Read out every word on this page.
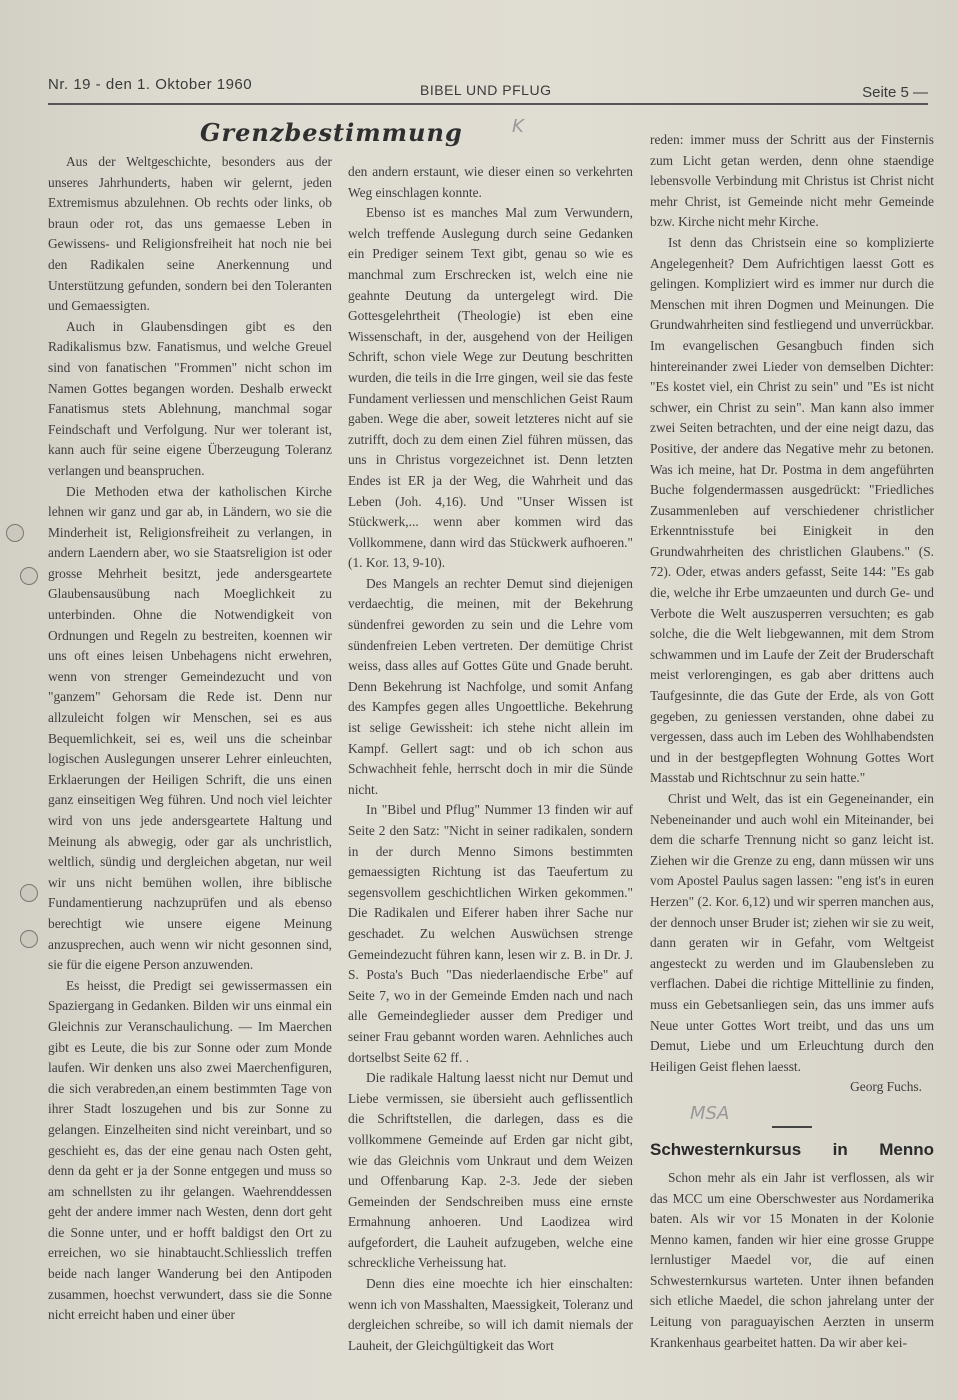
Nr. 19 - den 1. Oktober 1960	BIBEL UND PFLUG	Seite 5 —
Grenzbestimmung	K

Aus der Weltgeschichte, besonders aus der unseres Jahrhunderts, haben wir gelernt, jeden Extremismus abzulehnen. Ob rechts oder links, ob braun oder rot, das uns gemaesse Leben in Gewissens- und Religionsfreiheit hat noch nie bei den Radikalen seine Anerkennung und Unterstützung gefunden, sondern bei den Toleranten und Gemaessigten.

Auch in Glaubensdingen gibt es den Radikalismus bzw. Fanatismus, und welche Greuel sind von fanatischen "Frommen" nicht schon im Namen Gottes begangen worden. Deshalb erweckt Fanatismus stets Ablehnung, manchmal sogar Feindschaft und Verfolgung. Nur wer tolerant ist, kann auch für seine eigene Überzeugung Toleranz verlangen und beanspruchen.

Die Methoden etwa der katholischen Kirche lehnen wir ganz und gar ab, in Ländern, wo sie die Minderheit ist, Religionsfreiheit zu verlangen, in andern Laendern aber, wo sie Staatsreligion ist oder grosse Mehrheit besitzt, jede andersgeartete Glaubensausübung nach Moeglichkeit zu unterbinden. Ohne die Notwendigkeit von Ordnungen und Regeln zu bestreiten, koennen wir uns oft eines leisen Unbehagens nicht erwehren, wenn von strenger Gemeindezucht und von "ganzem" Gehorsam die Rede ist. Denn nur allzuleicht folgen wir Menschen, sei es aus Bequemlichkeit, sei es, weil uns die scheinbar logischen Auslegungen unserer Lehrer einleuchten, Erklaerungen der Heiligen Schrift, die uns einen ganz einseitigen Weg führen. Und noch viel leichter wird von uns jede andersgeartete Haltung und Meinung als abwegig, oder gar als unchristlich, weltlich, sündig und dergleichen abgetan, nur weil wir uns nicht bemühen wollen, ihre biblische Fundamentierung nachzuprüfen und als ebenso berechtigt wie unsere eigene Meinung anzusprechen, auch wenn wir nicht gesonnen sind, sie für die eigene Person anzuwenden.

Es heisst, die Predigt sei gewissermassen ein Spaziergang in Gedanken. Bilden wir uns einmal ein Gleichnis zur Veranschaulichung. — Im Maerchen gibt es Leute, die bis zur Sonne oder zum Monde laufen. Wir denken uns also zwei Maerchenfiguren, die sich verabreden,an einem bestimmten Tage von ihrer Stadt loszugehen und bis zur Sonne zu gelangen. Einzelheiten sind nicht vereinbart, und so geschieht es, das der eine genau nach Osten geht, denn da geht er ja der Sonne entgegen und muss so am schnellsten zu ihr gelangen. Waehrenddessen geht der andere immer nach Westen, denn dort geht die Sonne unter, und er hofft baldigst den Ort zu erreichen, wo sie hinabtaucht.Schliesslich treffen beide nach langer Wanderung bei den Antipoden zusammen, hoechst verwundert, dass sie die Sonne nicht erreicht haben und einer über

den andern erstaunt, wie dieser einen so verkehrten Weg einschlagen konnte.

Ebenso ist es manches Mal zum Verwundern, welch treffende Auslegung durch seine Gedanken ein Prediger seinem Text gibt, genau so wie es manchmal zum Erschrecken ist, welch eine nie geahnte Deutung da untergelegt wird. Die Gottesgelehrtheit (Theologie) ist eben eine Wissenschaft, in der, ausgehend von der Heiligen Schrift, schon viele Wege zur Deutung beschritten wurden, die teils in die Irre gingen, weil sie das feste Fundament verliessen und menschlichen Geist Raum gaben. Wege die aber, soweit letzteres nicht auf sie zutrifft, doch zu dem einen Ziel führen müssen, das uns in Christus vorgezeichnet ist. Denn letzten Endes ist ER ja der Weg, die Wahrheit und das Leben (Joh. 4,16). Und "Unser Wissen ist Stückwerk,... wenn aber kommen wird das Vollkommene, dann wird das Stückwerk aufhoeren." (1. Kor. 13, 9-10).

Des Mangels an rechter Demut sind diejenigen verdaechtig, die meinen, mit der Bekehrung sündenfrei geworden zu sein und die Lehre vom sündenfreien Leben vertreten. Der demütige Christ weiss, dass alles auf Gottes Güte und Gnade beruht. Denn Bekehrung ist Nachfolge, und somit Anfang des Kampfes gegen alles Ungoettliche. Bekehrung ist selige Gewissheit: ich stehe nicht allein im Kampf. Gellert sagt: und ob ich schon aus Schwachheit fehle, herrscht doch in mir die Sünde nicht.

In "Bibel und Pflug" Nummer 13 finden wir auf Seite 2 den Satz: "Nicht in seiner radikalen, sondern in der durch Menno Simons bestimmten gemaessigten Richtung ist das Taeufertum zu segensvollem geschichtlichen Wirken gekommen." Die Radikalen und Eiferer haben ihrer Sache nur geschadet. Zu welchen Auswüchsen strenge Gemeindezucht führen kann, lesen wir z. B. in Dr. J. S. Posta's Buch "Das niederlaendische Erbe" auf Seite 7, wo in der Gemeinde Emden nach und nach alle Gemeindeglieder ausser dem Prediger und seiner Frau gebannt worden waren. Aehnliches auch dortselbst Seite 62 ff. .

Die radikale Haltung laesst nicht nur Demut und Liebe vermissen, sie übersieht auch geflissentlich die Schriftstellen, die darlegen, dass es die vollkommene Gemeinde auf Erden gar nicht gibt, wie das Gleichnis vom Unkraut und dem Weizen und Offenbarung Kap. 2-3. Jede der sieben Gemeinden der Sendschreiben muss eine ernste Ermahnung anhoeren. Und Laodizea wird aufgefordert, die Lauheit aufzugeben, welche eine schreckliche Verheissung hat.

Denn dies eine moechte ich hier einschalten: wenn ich von Masshalten, Maessigkeit, Toleranz und dergleichen schreibe, so will ich damit niemals der Lauheit, der Gleichgültigkeit das Wort

reden: immer muss der Schritt aus der Finsternis zum Licht getan werden, denn ohne staendige lebensvolle Verbindung mit Christus ist Christ nicht mehr Christ, ist Gemeinde nicht mehr Gemeinde bzw. Kirche nicht mehr Kirche.

Ist denn das Christsein eine so komplizierte Angelegenheit? Dem Aufrichtigen laesst Gott es gelingen. Kompliziert wird es immer nur durch die Menschen mit ihren Dogmen und Meinungen. Die Grundwahrheiten sind festliegend und unverrückbar. Im evangelischen Gesangbuch finden sich hintereinander zwei Lieder von demselben Dichter: "Es kostet viel, ein Christ zu sein" und "Es ist nicht schwer, ein Christ zu sein". Man kann also immer zwei Seiten betrachten, und der eine neigt dazu, das Positive, der andere das Negative mehr zu betonen. Was ich meine, hat Dr. Postma in dem angeführten Buche folgendermassen ausgedrückt: "Friedliches Zusammenleben auf verschiedener christlicher Erkenntnisstufe bei Einigkeit in den Grundwahrheiten des christlichen Glaubens." (S. 72). Oder, etwas anders gefasst, Seite 144: "Es gab die, welche ihr Erbe umzaeunten und durch Ge- und Verbote die Welt auszusperren versuchten; es gab solche, die die Welt liebgewannen, mit dem Strom schwammen und im Laufe der Zeit der Bruderschaft meist verlorengingen, es gab aber drittens auch Taufgesinnte, die das Gute der Erde, als von Gott gegeben, zu geniessen verstanden, ohne dabei zu vergessen, dass auch im Leben des Wohlhabendsten und in der bestgepflegten Wohnung Gottes Wort Masstab und Richtschnur zu sein hatte."

Christ und Welt, das ist ein Gegeneinander, ein Nebeneinander und auch wohl ein Miteinander, bei dem die scharfe Trennung nicht so ganz leicht ist. Ziehen wir die Grenze zu eng, dann müssen wir uns vom Apostel Paulus sagen lassen: "eng ist's in euren Herzen" (2. Kor. 6,12) und wir sperren manchen aus, der dennoch unser Bruder ist; ziehen wir sie zu weit, dann geraten wir in Gefahr, vom Weltgeist angesteckt zu werden und im Glaubensleben zu verflachen. Dabei die richtige Mittellinie zu finden, muss ein Gebetsanliegen sein, das uns immer aufs Neue unter Gottes Wort treibt, und das uns um Demut, Liebe und um Erleuchtung durch den Heiligen Geist flehen laesst.

Georg Fuchs.

MSA
Schwesternkursus in Menno

Schon mehr als ein Jahr ist verflossen, als wir das MCC um eine Oberschwester aus Nordamerika baten. Als wir vor 15 Monaten in der Kolonie Menno kamen, fanden wir hier eine grosse Gruppe lernlustiger Maedel vor, die auf einen Schwesternkursus warteten. Unter ihnen befanden sich etliche Maedel, die schon jahrelang unter der Leitung von paraguayischen Aerzten in unserm Krankenhaus gearbeitet hatten. Da wir aber kei-
